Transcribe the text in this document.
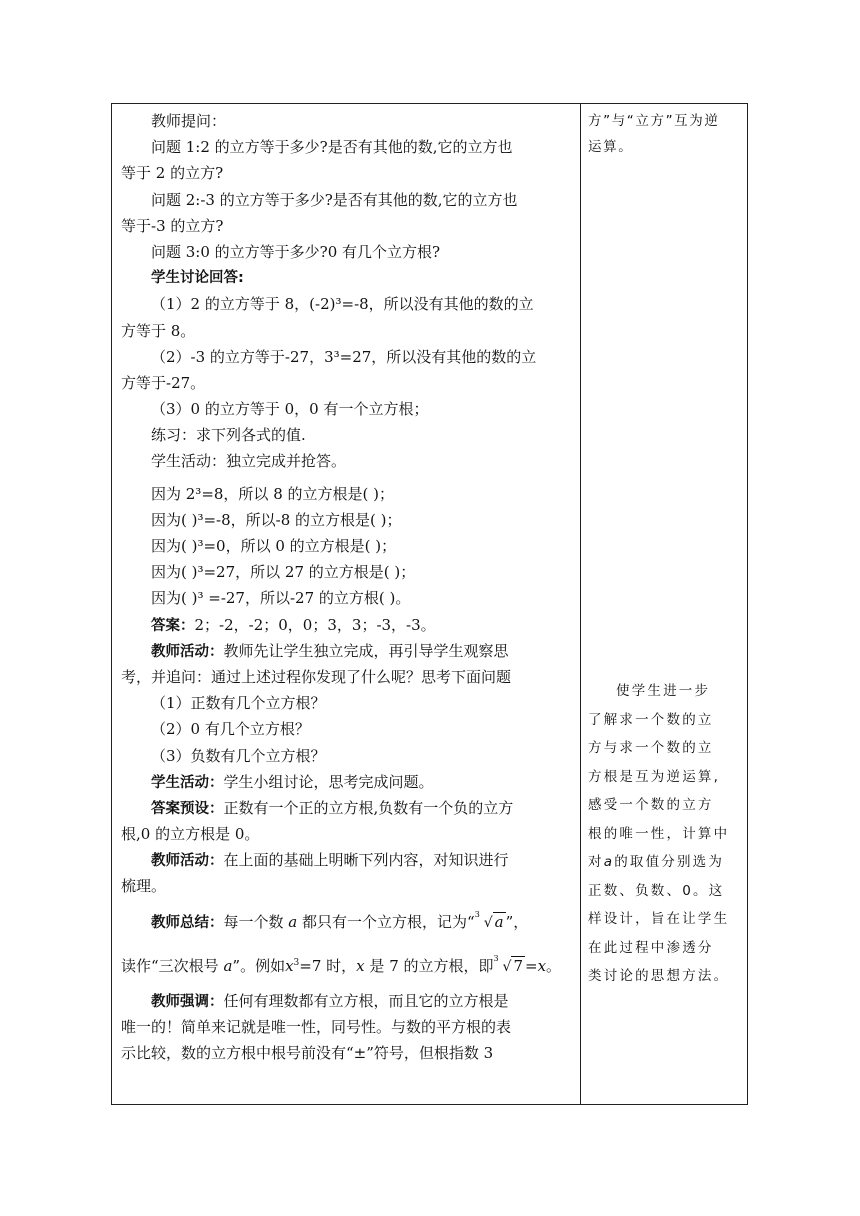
教师提问：
问题 1:2 的立方等于多少?是否有其他的数,它的立方也
等于 2 的立方?
问题 2:-3 的立方等于多少?是否有其他的数,它的立方也
等于-3 的立方?
问题 3:0 的立方等于多少?0 有几个立方根?
学生讨论回答:
（1）2 的立方等于 8，(-2)³=-8，所以没有其他的数的立
方等于 8。
（2）-3 的立方等于-27，3³=27，所以没有其他的数的立
方等于-27。
（3）0 的立方等于 0，0 有一个立方根；
练习：求下列各式的值.
学生活动：独立完成并抢答。
因为 2³=8，所以 8 的立方根是( )；
因为( )³=-8，所以-8 的立方根是( )；
因为( )³=0，所以 0 的立方根是( )；
因为( )³=27，所以 27 的立方根是( )；
因为( )³ =-27，所以-27 的立方根( )。
答案：2；-2，-2；0，0；3，3；-3，-3。
教师活动：教师先让学生独立完成，再引导学生观察思
考，并追问：通过上述过程你发现了什么呢？思考下面问题
（1）正数有几个立方根？
（2）0 有几个立方根？
（3）负数有几个立方根？
学生活动：学生小组讨论，思考完成问题。
答案预设：正数有一个正的立方根,负数有一个负的立方
根,0 的立方根是 0。
教师活动：在上面的基础上明晰下列内容，对知识进行
梳理。
教师总结：每一个数 a 都只有一个立方根，记为“ 3
√ a ”，
读作“三次根号 a”。例如$x^3=7$ 时，x 是 7 的立方根，即 3
√ 7 =x。
教师强调：任何有理数都有立方根，而且它的立方根是
唯一的！简单来记就是唯一性，同号性。与数的平方根的表
示比较，数的立方根中根号前没有“±”符号，但根指数 3
方”与“立方”互为逆
运算。
使学生进一步
了解求一个数的立
方与求一个数的立
方根是互为逆运算,
感受一个数的立方
根的唯一性，计算中
对a的取值分别选为
正数、负数、0。这
样设计，旨在让学生
在此过程中渗透分
类讨论的思想方法。
